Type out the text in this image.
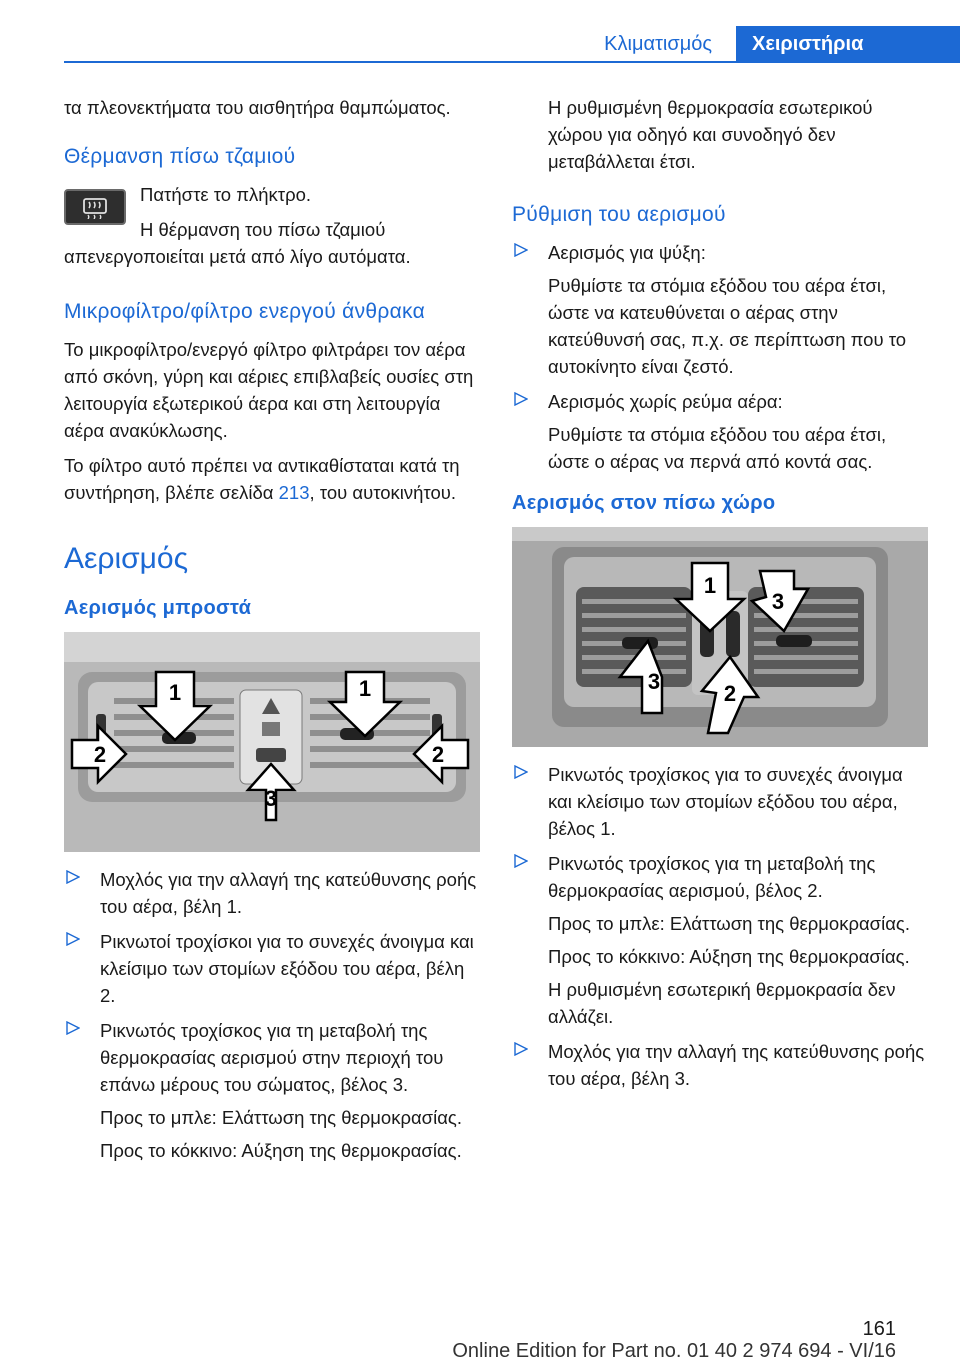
Κλιματισμός	Χειριστήρια

τα πλεονεκτήματα του αισθητήρα θαμπώματος.

Θέρμανση πίσω τζαμιού

Πατήστε το πλήκτρο.

Η θέρμανση του πίσω τζαμιού απενεργοποιείται μετά από λίγο αυτόματα.

Μικροφίλτρο/φίλτρο ενεργού άνθρακα

Το μικροφίλτρο/ενεργό φίλτρο φιλτράρει τον αέρα από σκόνη, γύρη και αέριες επιβλαβείς ουσίες στη λειτουργία εξωτερικού άερα και στη λειτουργία αέρα ανακύκλωσης.

Το φίλτρο αυτό πρέπει να αντικαθίσταται κατά τη συντήρηση, βλέπε σελίδα 213, του αυτοκινήτου.

Αερισμός
Αερισμός μπροστά
1	1
2	2
3

Μοχλός για την αλλαγή της κατεύθυνσης ροής του αέρα, βέλη 1.

Ρικνωτοί τροχίσκοι για το συνεχές άνοιγμα και κλείσιμο των στομίων εξόδου του αέρα, βέλη 2.

Ρικνωτός τροχίσκος για τη μεταβολή της θερμοκρασίας αερισμού στην περιοχή του επάνω μέρους του σώματος, βέλος 3.

Προς το μπλε: Ελάττωση της θερμοκρασίας.

Προς το κόκκινο: Αύξηση της θερμοκρασίας.

Η ρυθμισμένη θερμοκρασία εσωτερικού χώρου για οδηγό και συνοδηγό δεν μεταβάλλεται έτσι.

Ρύθμιση του αερισμού

Αερισμός για ψύξη:

Ρυθμίστε τα στόμια εξόδου του αέρα έτσι, ώστε να κατευθύνεται ο αέρας στην κατεύθυνσή σας, π.χ. σε περίπτωση που το αυτοκίνητο είναι ζεστό.

Αερισμός χωρίς ρεύμα αέρα:

Ρυθμίστε τα στόμια εξόδου του αέρα έτσι, ώστε ο αέρας να περνά από κοντά σας.

Αερισμός στον πίσω χώρο
1
2
3
3

Ρικνωτός τροχίσκος για το συνεχές άνοιγμα και κλείσιμο των στομίων εξόδου του αέρα, βέλος 1.

Ρικνωτός τροχίσκος για τη μεταβολή της θερμοκρασίας αερισμού, βέλος 2.

Προς το μπλε: Ελάττωση της θερμοκρασίας.

Προς το κόκκινο: Αύξηση της θερμοκρασίας.

Η ρυθμισμένη εσωτερική θερμοκρασία δεν αλλάζει.

Μοχλός για την αλλαγή της κατεύθυνσης ροής του αέρα, βέλη 3.

161
Online Edition for Part no. 01 40 2 974 694 - VI/16
